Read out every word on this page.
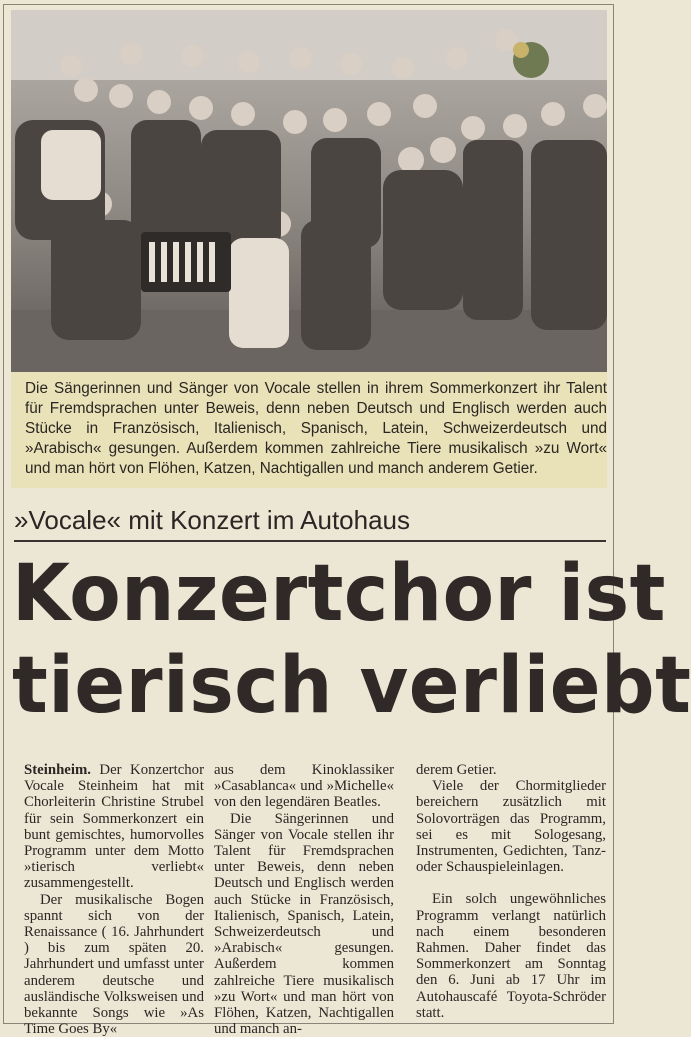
Die Sängerinnen und Sänger von Vocale stellen in ihrem Sommerkonzert ihr Talent für Fremdsprachen unter Beweis, denn neben Deutsch und Englisch werden auch Stücke in Französisch, Italienisch, Spanisch, Latein, Schweizerdeutsch und »Arabisch« gesungen. Außerdem kommen zahlreiche Tiere musikalisch »zu Wort« und man hört von Flöhen, Katzen, Nachtigallen und manch anderem Getier.

»Vocale« mit Konzert im Autohaus
Konzertchor ist
tierisch verliebt

Steinheim. Der Konzertchor Vocale Steinheim hat mit Chorleiterin Christine Strubel für sein Sommerkonzert ein bunt gemischtes, humorvolles Programm unter dem Motto »tierisch verliebt« zusammengestellt.

Der musikalische Bogen spannt sich von der Renaissance ( 16. Jahrhundert ) bis zum späten 20. Jahrhundert und umfasst unter anderem deutsche und ausländische Volksweisen und bekannte Songs wie »As Time Goes By«

aus dem Kinoklassiker »Casablanca« und »Michelle« von den legendären Beatles.

Die Sängerinnen und Sänger von Vocale stellen ihr Talent für Fremdsprachen unter Beweis, denn neben Deutsch und Englisch werden auch Stücke in Französisch, Italienisch, Spanisch, Latein, Schweizerdeutsch und »Arabisch« gesungen. Außerdem kommen zahlreiche Tiere musikalisch »zu Wort« und man hört von Flöhen, Katzen, Nachtigallen und manch an-

derem Getier.

Viele der Chormitglieder bereichern zusätzlich mit Solovorträgen das Programm, sei es mit Sologesang, Instrumenten, Gedichten, Tanz- oder Schauspieleinlagen.

Ein solch ungewöhnliches Programm verlangt natürlich nach einem besonderen Rahmen. Daher findet das Sommerkonzert am Sonntag den 6. Juni ab 17 Uhr im Autohauscafé Toyota-Schröder statt.
